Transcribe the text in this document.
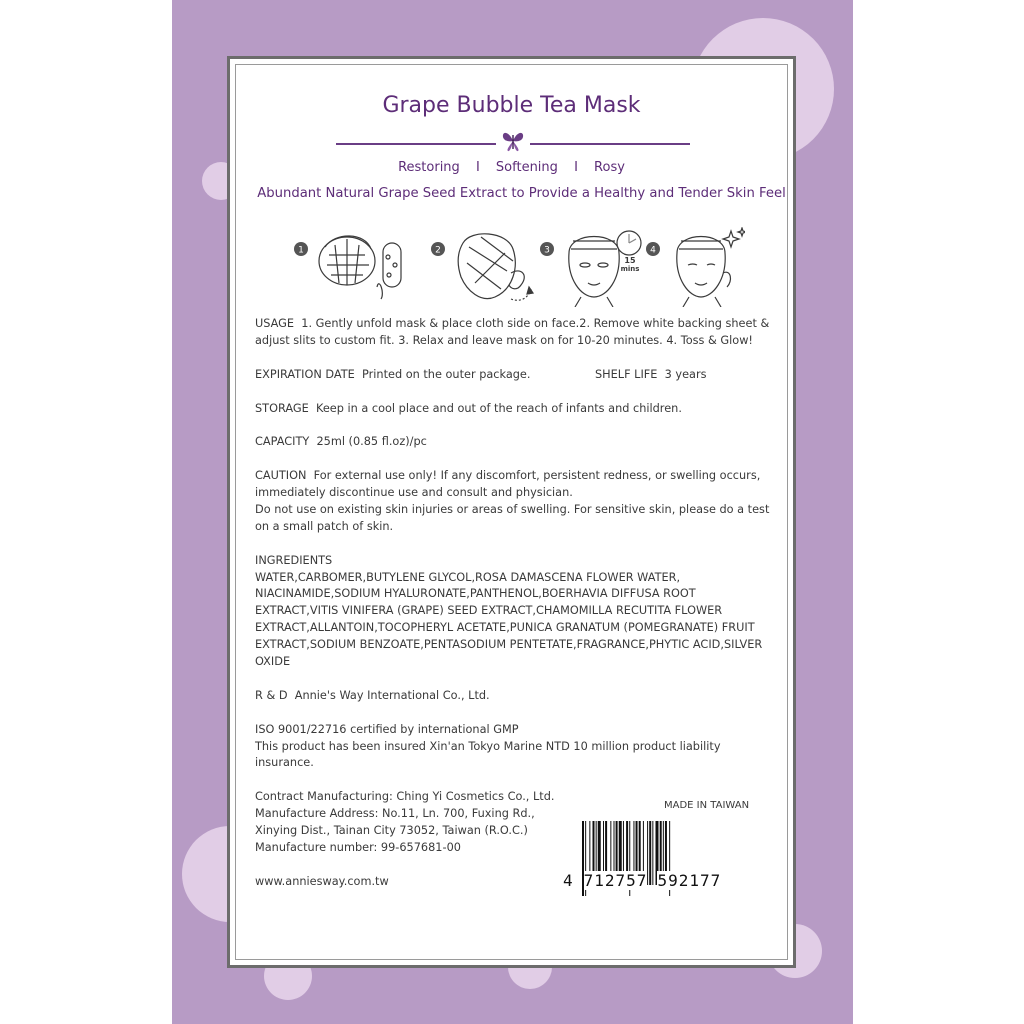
Grape Bubble Tea Mask
Restoring I Softening I Rosy
Abundant Natural Grape Seed Extract to Provide a Healthy and Tender Skin Feel
1	2	3
15
mins
4

USAGE 1. Gently unfold mask & place cloth side on face.2. Remove white backing sheet & adjust slits to custom fit. 3. Relax and leave mask on for 10-20 minutes. 4. Toss & Glow!

EXPIRATION DATE Printed on the outer package.	SHELF LIFE 3 years

STORAGE Keep in a cool place and out of the reach of infants and children.

CAPACITY 25ml (0.85 fl.oz)/pc

CAUTION For external use only! If any discomfort, persistent redness, or swelling occurs, immediately discontinue use and consult and physician.
Do not use on existing skin injuries or areas of swelling. For sensitive skin, please do a test on a small patch of skin.

INGREDIENTS
WATER,CARBOMER,BUTYLENE GLYCOL,ROSA DAMASCENA FLOWER WATER, NIACINAMIDE,SODIUM HYALURONATE,PANTHENOL,BOERHAVIA DIFFUSA ROOT EXTRACT,VITIS VINIFERA (GRAPE) SEED EXTRACT,CHAMOMILLA RECUTITA FLOWER EXTRACT,ALLANTOIN,TOCOPHERYL ACETATE,PUNICA GRANATUM (POMEGRANATE) FRUIT EXTRACT,SODIUM BENZOATE,PENTASODIUM PENTETATE,FRAGRANCE,PHYTIC ACID,SILVER OXIDE

R & D Annie's Way International Co., Ltd.

ISO 9001/22716 certified by international GMP
This product has been insured Xin'an Tokyo Marine NTD 10 million product liability insurance.

Contract Manufacturing: Ching Yi Cosmetics Co., Ltd.
Manufacture Address: No.11, Ln. 700, Fuxing Rd.,
Xinying Dist., Tainan City 73052, Taiwan (R.O.C.)
Manufacture number: 99-657681-00

www.anniesway.com.tw

MADE IN TAIWAN
4 712757 592177
